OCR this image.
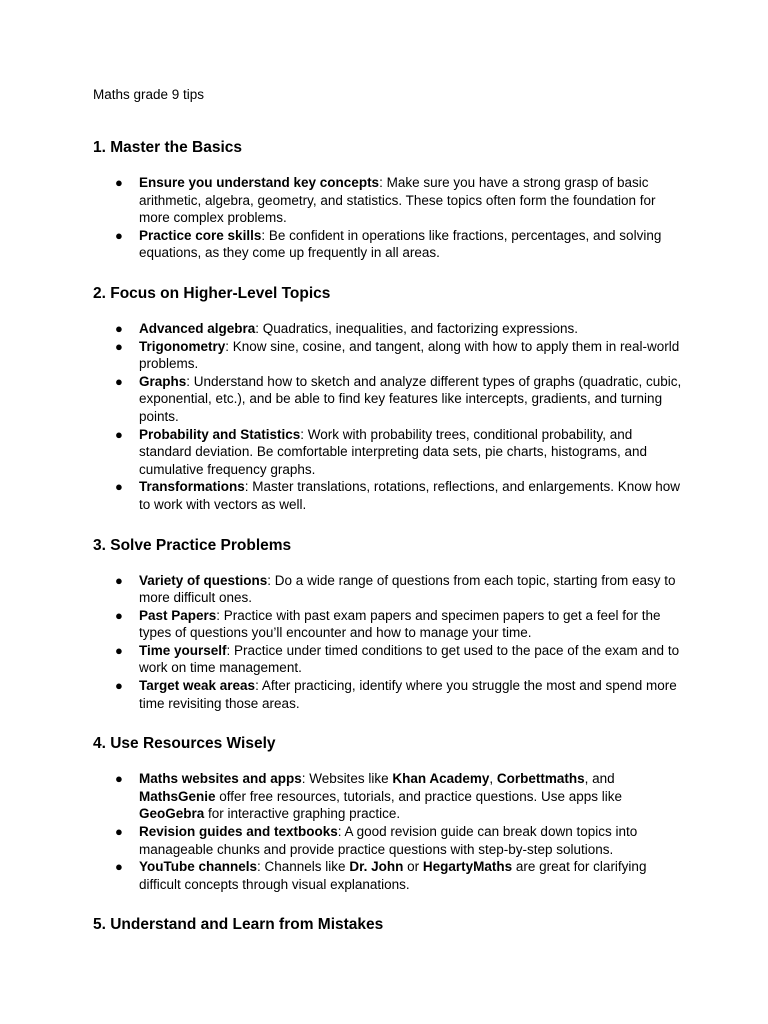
Maths grade 9 tips

1. Master the Basics
● Ensure you understand key concepts: Make sure you have a strong grasp of basic arithmetic, algebra, geometry, and statistics. These topics often form the foundation for more complex problems.
● Practice core skills: Be confident in operations like fractions, percentages, and solving equations, as they come up frequently in all areas.
2. Focus on Higher-Level Topics
● Advanced algebra: Quadratics, inequalities, and factorizing expressions.
● Trigonometry: Know sine, cosine, and tangent, along with how to apply them in real-world problems.
● Graphs: Understand how to sketch and analyze different types of graphs (quadratic, cubic, exponential, etc.), and be able to find key features like intercepts, gradients, and turning points.
● Probability and Statistics: Work with probability trees, conditional probability, and standard deviation. Be comfortable interpreting data sets, pie charts, histograms, and cumulative frequency graphs.
● Transformations: Master translations, rotations, reflections, and enlargements. Know how to work with vectors as well.
3. Solve Practice Problems
● Variety of questions: Do a wide range of questions from each topic, starting from easy to more difficult ones.
● Past Papers: Practice with past exam papers and specimen papers to get a feel for the types of questions you’ll encounter and how to manage your time.
● Time yourself: Practice under timed conditions to get used to the pace of the exam and to work on time management.
● Target weak areas: After practicing, identify where you struggle the most and spend more time revisiting those areas.
4. Use Resources Wisely
● Maths websites and apps: Websites like Khan Academy, Corbettmaths, and MathsGenie offer free resources, tutorials, and practice questions. Use apps like GeoGebra for interactive graphing practice.
● Revision guides and textbooks: A good revision guide can break down topics into manageable chunks and provide practice questions with step-by-step solutions.
● YouTube channels: Channels like Dr. John or HegartyMaths are great for clarifying difficult concepts through visual explanations.
5. Understand and Learn from Mistakes
